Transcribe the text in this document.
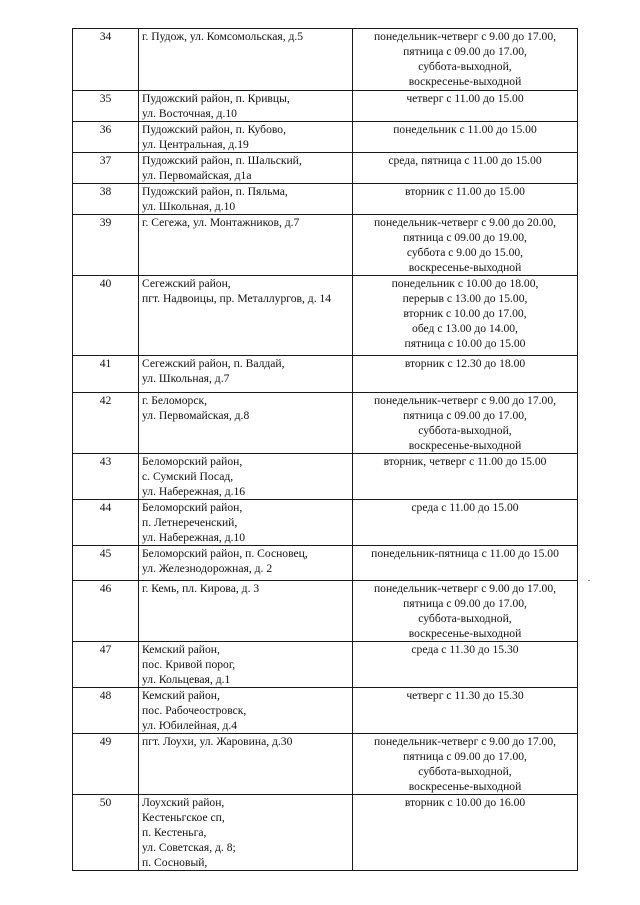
34	г. Пудож, ул. Комсомольская, д.5	понедельник-четверг с 9.00 до 17.00,
пятница с 09.00 до 17.00,
суббота-выходной,
воскресенье-выходной

35	Пудожский район, п. Кривцы,
ул. Восточная, д.10	четверг с 11.00 до 15.00

36	Пудожский район, п. Кубово,
ул. Центральная, д.19	понедельник с 11.00 до 15.00

37	Пудожский район, п. Шальский,
ул. Первомайская, д1а	среда, пятница с 11.00 до 15.00

38	Пудожский район, п. Пяльма,
ул. Школьная, д.10	вторник с 11.00 до 15.00

39	г. Сегежа, ул. Монтажников, д.7	понедельник-четверг с 9.00 до 20.00,
пятница с 09.00 до 19.00,
суббота с 9.00 до 15.00,
воскресенье-выходной

40	Сегежский район,
пгт. Надвоицы, пр. Металлургов, д. 14	понедельник с 10.00 до 18.00,
перерыв с 13.00 до 15.00,
вторник с 10.00 до 17.00,
обед с 13.00 до 14.00,
пятница с 10.00 до 15.00

41	Сегежский район, п. Валдай,
ул. Школьная, д.7	вторник с 12.30 до 18.00

42	г. Беломорск,
ул. Первомайская, д.8	понедельник-четверг с 9.00 до 17.00,
пятница с 09.00 до 17.00,
суббота-выходной,
воскресенье-выходной

43	Беломорский район,
с. Сумский Посад,
ул. Набережная, д.16	вторник, четверг с 11.00 до 15.00

44	Беломорский район,
п. Летнереченский,
ул. Набережная, д.10	среда с 11.00 до 15.00

45	Беломорский район, п. Сосновец,
ул. Железнодорожная, д. 2	понедельник-пятница с 11.00 до 15.00

46	г. Кемь, пл. Кирова, д. 3	понедельник-четверг с 9.00 до 17.00,
пятница с 09.00 до 17.00,
суббота-выходной,
воскресенье-выходной

47	Кемский район,
пос. Кривой порог,
ул. Кольцевая, д.1	среда с 11.30 до 15.30

48	Кемский район,
пос. Рабочеостровск,
ул. Юбилейная, д.4	четверг с 11.30 до 15.30

49	пгт. Лоухи, ул. Жаровина, д.30	понедельник-четверг с 9.00 до 17.00,
пятница с 09.00 до 17.00,
суббота-выходной,
воскресенье-выходной

50	Лоухский район,
Кестеньгское сп,
п. Кестеньга,
ул. Советская, д. 8;
п. Сосновый,	вторник с 10.00 до 16.00
